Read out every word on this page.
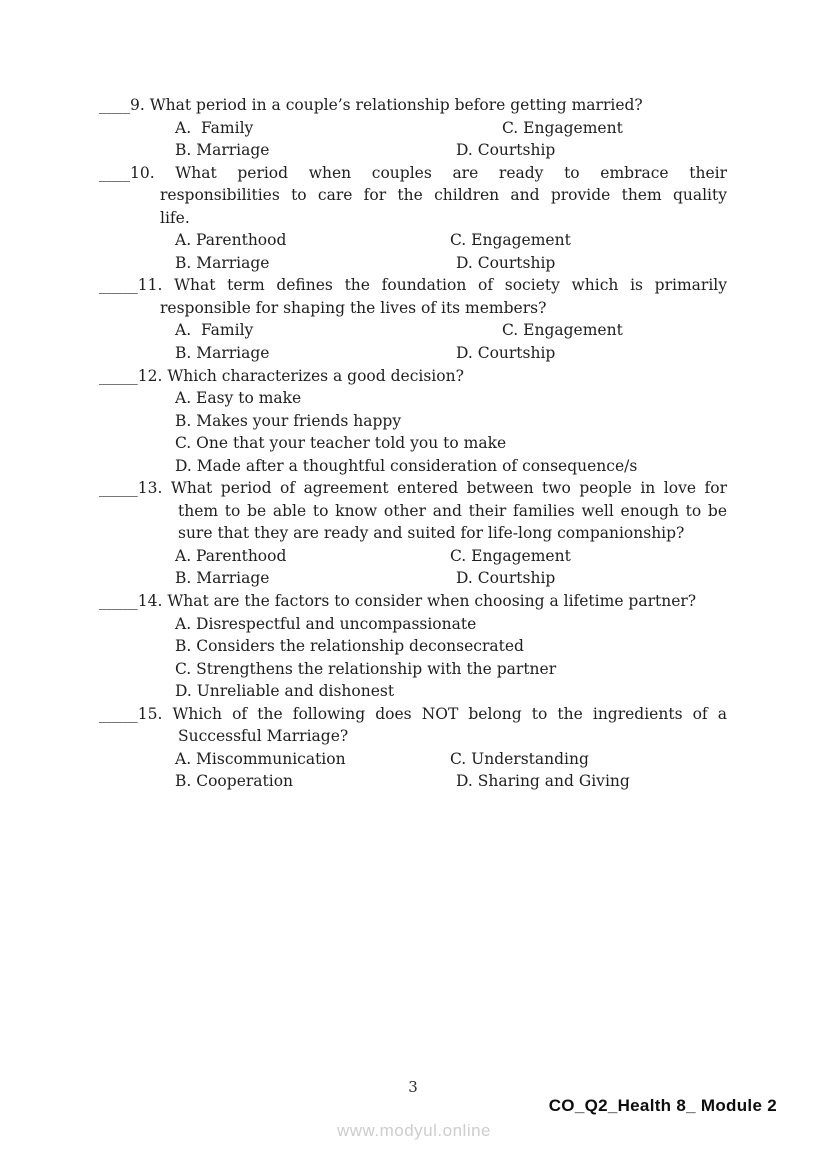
____9. What period in a couple’s relationship before getting married?
A.  Family	C. Engagement
B. Marriage	D. Courtship
____10. What period when couples are ready to embrace their
responsibilities to care for the children and provide them quality
life.
A. Parenthood	C. Engagement
B. Marriage	D. Courtship
_____11. What term defines the foundation of society which is primarily
responsible for shaping the lives of its members?
A.  Family	C. Engagement
B. Marriage	D. Courtship
_____12. Which characterizes a good decision?
A. Easy to make
B. Makes your friends happy
C. One that your teacher told you to make
D. Made after a thoughtful consideration of consequence/s
_____13. What period of agreement entered between two people in love for
them to be able to know other and their families well enough to be
sure that they are ready and suited for life-long companionship?
A. Parenthood	C. Engagement
B. Marriage	D. Courtship
_____14. What are the factors to consider when choosing a lifetime partner?
A. Disrespectful and uncompassionate
B. Considers the relationship deconsecrated
C. Strengthens the relationship with the partner
D. Unreliable and dishonest
_____15. Which of the following does NOT belong to the ingredients of a
Successful Marriage?
A. Miscommunication	C. Understanding
B. Cooperation	D. Sharing and Giving
3
CO_Q2_Health 8_ Module 2
www.modyul.online
